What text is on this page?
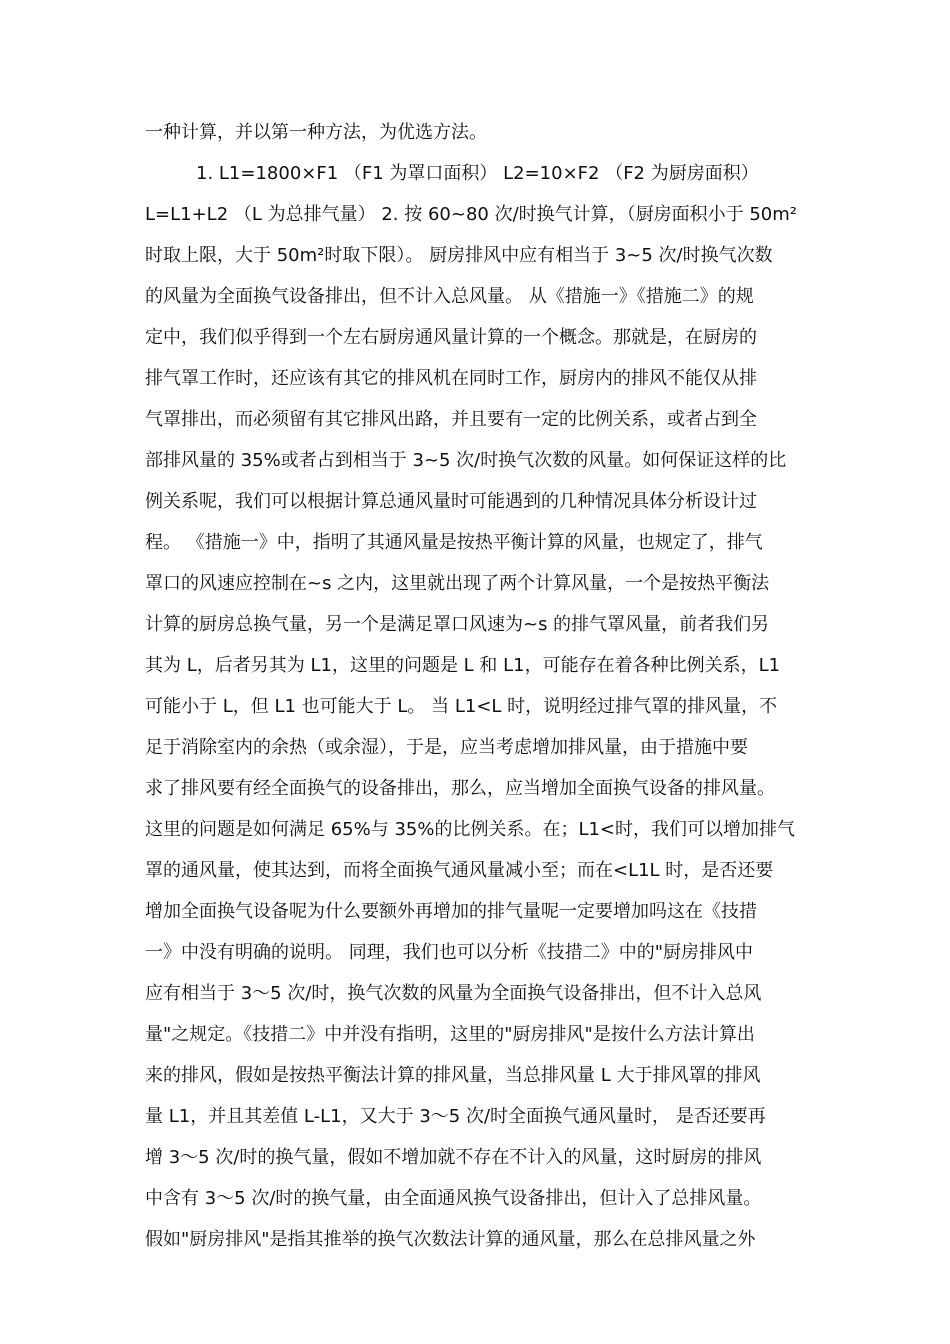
一种计算，并以第一种方法，为优选方法。
1. L1=1800×F1 （F1 为罩口面积） L2=10×F2 （F2 为厨房面积）
L=L1+L2 （L 为总排气量） 2. 按 60~80 次/时换气计算，（厨房面积小于 50m²
时取上限，大于 50m²时取下限）。 厨房排风中应有相当于 3~5 次/时换气次数
的风量为全面换气设备排出，但不计入总风量。 从《措施一》《措施二》的规
定中，我们似乎得到一个左右厨房通风量计算的一个概念。那就是，在厨房的
排气罩工作时，还应该有其它的排风机在同时工作，厨房内的排风不能仅从排
气罩排出，而必须留有其它排风出路，并且要有一定的比例关系，或者占到全
部排风量的 35%或者占到相当于 3~5 次/时换气次数的风量。如何保证这样的比
例关系呢，我们可以根据计算总通风量时可能遇到的几种情况具体分析设计过
程。 《措施一》中，指明了其通风量是按热平衡计算的风量，也规定了，排气
罩口的风速应控制在~s 之内，这里就出现了两个计算风量，一个是按热平衡法
计算的厨房总换气量，另一个是满足罩口风速为~s 的排气罩风量，前者我们另
其为 L，后者另其为 L1，这里的问题是 L 和 L1，可能存在着各种比例关系，L1
可能小于 L，但 L1 也可能大于 L。 当 L1<L 时，说明经过排气罩的排风量，不
足于消除室内的余热（或余湿），于是，应当考虑增加排风量，由于措施中要
求了排风要有经全面换气的设备排出，那么，应当增加全面换气设备的排风量。
这里的问题是如何满足 65%与 35%的比例关系。在；L1<时，我们可以增加排气
罩的通风量，使其达到，而将全面换气通风量减小至；而在<L1L 时，是否还要
增加全面换气设备呢为什么要额外再增加的排气量呢一定要增加吗这在《技措
一》中没有明确的说明。 同理，我们也可以分析《技措二》中的"厨房排风中
应有相当于 3～5 次/时，换气次数的风量为全面换气设备排出，但不计入总风
量"之规定。《技措二》中并没有指明，这里的"厨房排风"是按什么方法计算出
来的排风，假如是按热平衡法计算的排风量，当总排风量 L 大于排风罩的排风
量 L1，并且其差值 L-L1，又大于 3～5 次/时全面换气通风量时， 是否还要再
增 3～5 次/时的换气量，假如不增加就不存在不计入的风量，这时厨房的排风
中含有 3～5 次/时的换气量，由全面通风换气设备排出，但计入了总排风量。
假如"厨房排风"是指其推举的换气次数法计算的通风量，那么在总排风量之外
